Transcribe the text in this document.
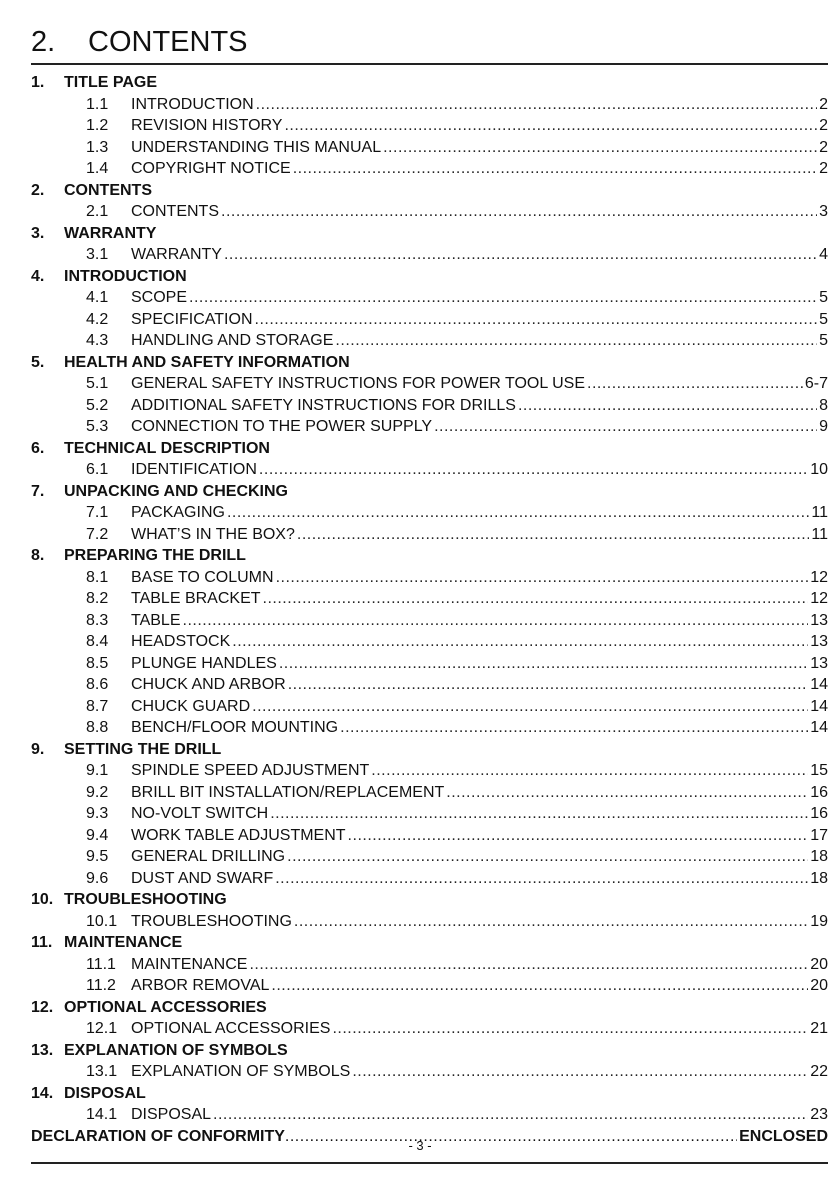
2. CONTENTS
1. TITLE PAGE
1.1 INTRODUCTION .....	2
1.2 REVISION HISTORY .....	2
1.3 UNDERSTANDING THIS MANUAL .....	2
1.4 COPYRIGHT NOTICE .....	2
2. CONTENTS
2.1 CONTENTS .....	3
3. WARRANTY
3.1 WARRANTY .....	4
4. INTRODUCTION
4.1 SCOPE .....	5
4.2 SPECIFICATION .....	5
4.3 HANDLING AND STORAGE .....	5
5. HEALTH AND SAFETY INFORMATION
5.1 GENERAL SAFETY INSTRUCTIONS FOR POWER TOOL USE .....	6-7
5.2 ADDITIONAL SAFETY INSTRUCTIONS FOR DRILLS .....	8
5.3 CONNECTION TO THE POWER SUPPLY .....	9
6. TECHNICAL DESCRIPTION
6.1 IDENTIFICATION .....	10
7. UNPACKING AND CHECKING
7.1 PACKAGING .....	11
7.2 WHAT’S IN THE BOX? .....	11
8. PREPARING THE DRILL
8.1 BASE TO COLUMN .....	12
8.2 TABLE BRACKET .....	12
8.3 TABLE .....	13
8.4 HEADSTOCK .....	13
8.5 PLUNGE HANDLES .....	13
8.6 CHUCK AND ARBOR .....	14
8.7 CHUCK GUARD .....	14
8.8 BENCH/FLOOR MOUNTING .....	14
9. SETTING THE DRILL
9.1 SPINDLE SPEED ADJUSTMENT .....	15
9.2 BRILL BIT INSTALLATION/REPLACEMENT .....	16
9.3 NO-VOLT SWITCH .....	16
9.4 WORK TABLE ADJUSTMENT .....	17
9.5 GENERAL DRILLING .....	18
9.6 DUST AND SWARF .....	18
10. TROUBLESHOOTING
10.1 TROUBLESHOOTING .....	19
11. MAINTENANCE
11.1 MAINTENANCE .....	20
11.2 ARBOR REMOVAL .....	20
12. OPTIONAL ACCESSORIES
12.1 OPTIONAL ACCESSORIES .....	21
13. EXPLANATION OF SYMBOLS
13.1 EXPLANATION OF SYMBOLS .....	22
14. DISPOSAL
14.1 DISPOSAL .....	23
DECLARATION OF CONFORMITY .....	ENCLOSED
- 3 -
